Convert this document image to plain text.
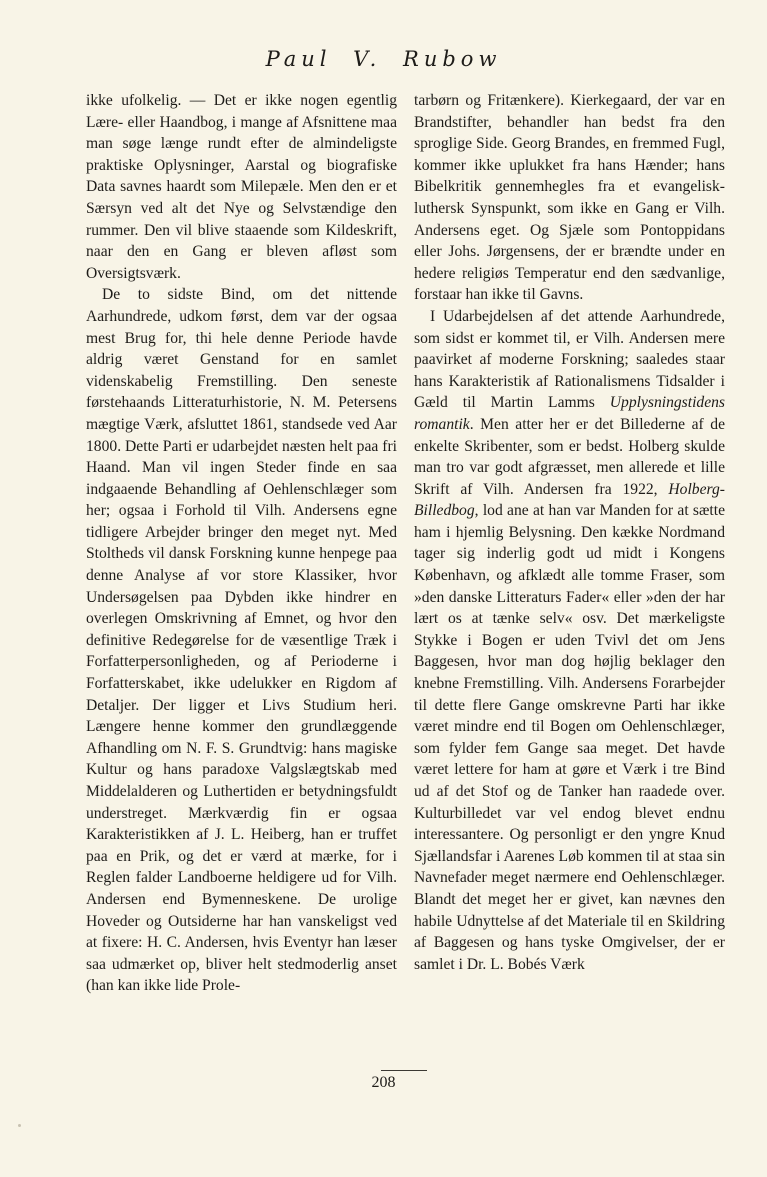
Paul V. Rubow

ikke ufolkelig. — Det er ikke nogen egentlig Lære- eller Haandbog, i mange af Afsnittene maa man søge længe rundt efter de almindeligste praktiske Oplysninger, Aarstal og biografiske Data savnes haardt som Milepæle. Men den er et Særsyn ved alt det Nye og Selvstændige den rummer. Den vil blive staaende som Kildeskrift, naar den en Gang er bleven afløst som Oversigtsværk.

De to sidste Bind, om det nittende Aarhundrede, udkom først, dem var der ogsaa mest Brug for, thi hele denne Periode havde aldrig været Genstand for en samlet videnskabelig Fremstilling. Den seneste førstehaands Litteraturhistorie, N. M. Petersens mægtige Værk, afsluttet 1861, standsede ved Aar 1800. Dette Parti er udarbejdet næsten helt paa fri Haand. Man vil ingen Steder finde en saa indgaaende Behandling af Oehlenschlæger som her; ogsaa i Forhold til Vilh. Andersens egne tidligere Arbejder bringer den meget nyt. Med Stoltheds vil dansk Forskning kunne henpege paa denne Analyse af vor store Klassiker, hvor Undersøgelsen paa Dybden ikke hindrer en overlegen Omskrivning af Emnet, og hvor den definitive Redegørelse for de væsentlige Træk i Forfatterpersonligheden, og af Perioderne i Forfatterskabet, ikke udelukker en Rigdom af Detaljer. Der ligger et Livs Studium heri. Længere henne kommer den grundlæggende Afhandling om N. F. S. Grundtvig: hans magiske Kultur og hans paradoxe Valgslægtskab med Middelalderen og Luthertiden er betydningsfuldt understreget. Mærkværdig fin er ogsaa Karakteristikken af J. L. Heiberg, han er truffet paa en Prik, og det er værd at mærke, for i Reglen falder Landboerne heldigere ud for Vilh. Andersen end Bymenneskene. De urolige Hoveder og Outsiderne har han vanskeligst ved at fixere: H. C. Andersen, hvis Eventyr han læser saa udmærket op, bliver helt stedmoderlig anset (han kan ikke lide Prole-

tarbørn og Fritænkere). Kierkegaard, der var en Brandstifter, behandler han bedst fra den sproglige Side. Georg Brandes, en fremmed Fugl, kommer ikke uplukket fra hans Hænder; hans Bibelkritik gennemhegles fra et evangelisk-luthersk Synspunkt, som ikke en Gang er Vilh. Andersens eget. Og Sjæle som Pontoppidans eller Johs. Jørgensens, der er brændte under en hedere religiøs Temperatur end den sædvanlige, forstaar han ikke til Gavns.

I Udarbejdelsen af det attende Aarhundrede, som sidst er kommet til, er Vilh. Andersen mere paavirket af moderne Forskning; saaledes staar hans Karakteristik af Rationalismens Tidsalder i Gæld til Martin Lamms Upplysningstidens romantik. Men atter her er det Billederne af de enkelte Skribenter, som er bedst. Holberg skulde man tro var godt afgræsset, men allerede et lille Skrift af Vilh. Andersen fra 1922, Holberg-Billedbog, lod ane at han var Manden for at sætte ham i hjemlig Belysning. Den kække Nordmand tager sig inderlig godt ud midt i Kongens København, og afklædt alle tomme Fraser, som »den danske Litteraturs Fader« eller »den der har lært os at tænke selv« osv. Det mærkeligste Stykke i Bogen er uden Tvivl det om Jens Baggesen, hvor man dog højlig beklager den knebne Fremstilling. Vilh. Andersens Forarbejder til dette flere Gange omskrevne Parti har ikke været mindre end til Bogen om Oehlenschlæger, som fylder fem Gange saa meget. Det havde været lettere for ham at gøre et Værk i tre Bind ud af det Stof og de Tanker han raadede over. Kulturbilledet var vel endog blevet endnu interessantere. Og personligt er den yngre Knud Sjællandsfar i Aarenes Løb kommen til at staa sin Navnefader meget nærmere end Oehlenschlæger. Blandt det meget her er givet, kan nævnes den habile Udnyttelse af det Materiale til en Skildring af Baggesen og hans tyske Omgivelser, der er samlet i Dr. L. Bobés Værk

208
